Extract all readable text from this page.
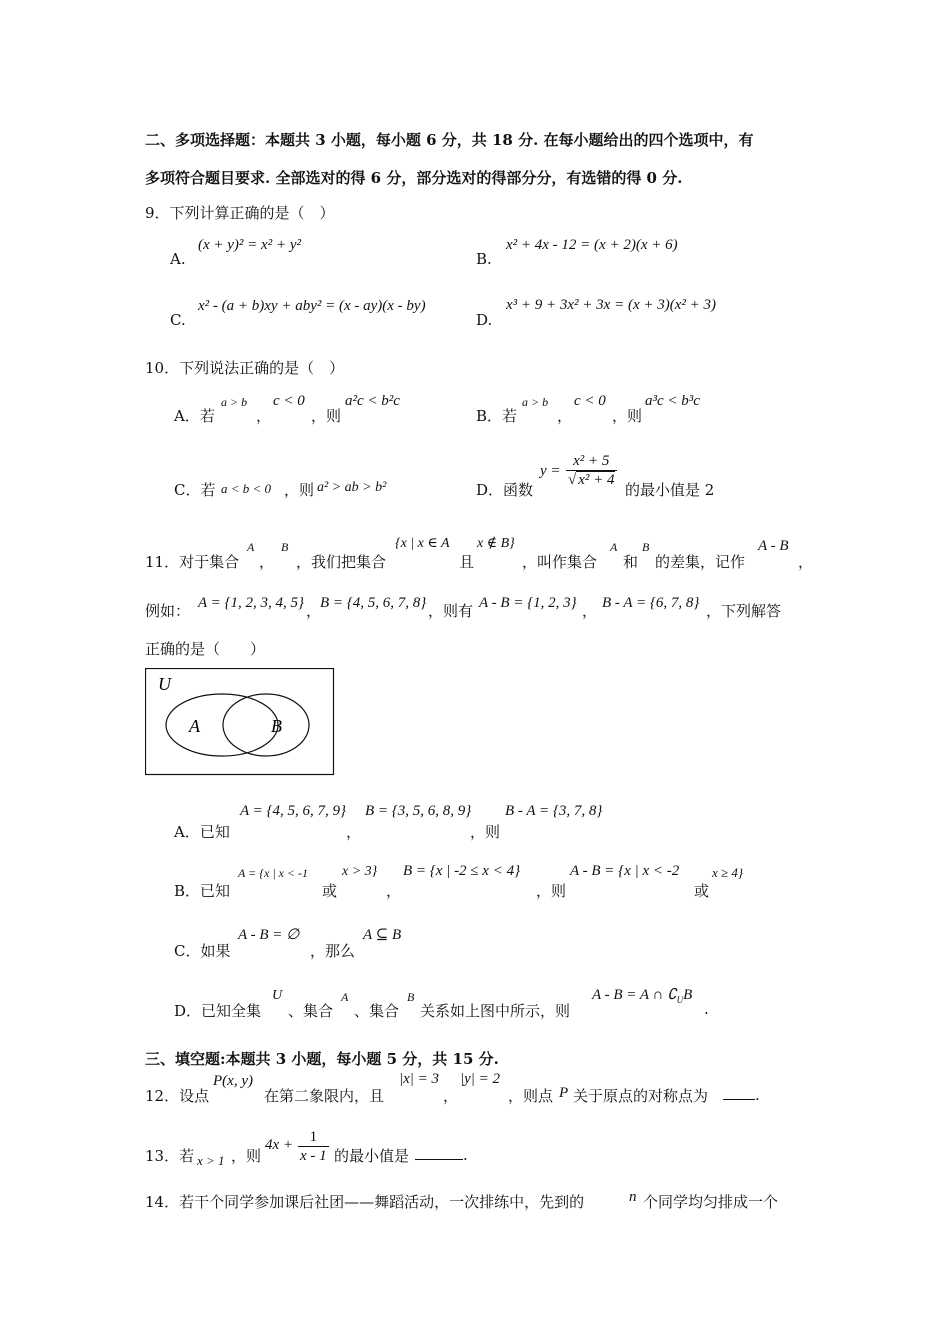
二、多项选择题：本题共 3 小题，每小题 6 分，共 18 分. 在每小题给出的四个选项中，有
多项符合题目要求. 全部选对的得 6 分，部分选对的得部分分，有选错的得 0 分.
9．下列计算正确的是（　）
A.
(x + y)² = x² + y²
B.
x² + 4x - 12 = (x + 2)(x + 6)
C.
x² - (a + b)xy + aby² = (x - ay)(x - by)
D.
x³ + 9 + 3x² + 3x = (x + 3)(x² + 3)
10．下列说法正确的是（　）
A．若
a > b
，
c < 0
，则
a²c < b²c
B．若
a > b
，
c < 0
，则
a³c < b³c
C．若 a < b < 0 ，则 a² > ab > b²	D．函数
$y = \frac{\text{x² + 5}}{\text{√ x² + 4}}$
的最小值是 2
11．对于集合
A
，
B
，我们把集合
{x | x ∈ A
且
x ∉ B}
，叫作集合
A
和
B
的差集，记作
A - B
，
例如： A = {1, 2, 3, 4, 5} ，
B = {4, 5, 6, 7, 8} ，则有 A - B = {1, 2, 3} ， B - A = {6, 7, 8} ，下列解答
正确的是（　　）
U
A	B
A．已知
A = {4, 5, 6, 7, 9}
，
B = {3, 5, 6, 8, 9}
，则
B - A = {3, 7, 8}
B．已知
A = {x | x < -1
或
x > 3}
，
B = {x | -2 ≤ x < 4}
，则
A - B = {x | x < -2
或
x ≥ 4}
C．如果
A - B = ∅
，那么
A ⊆ B
D．已知全集
U
、集合
A
、集合
B
关系如上图中所示，则
A - B = A ∩ $∁_UB$
.
三、填空题:本题共 3 小题，每小题 5 分，共 15 分.
12．设点
P(x, y)
在第二象限内，且
|x| = 3
，
|y| = 2
，则点 P 关于原点的对称点为	.
13．若 x > 1 ，则
$4x + \frac{1}{x - 1}$ 的最小值是	.
14．若干个同学参加课后社团——舞蹈活动，一次排练中，先到的	n 个同学均匀排成一个
